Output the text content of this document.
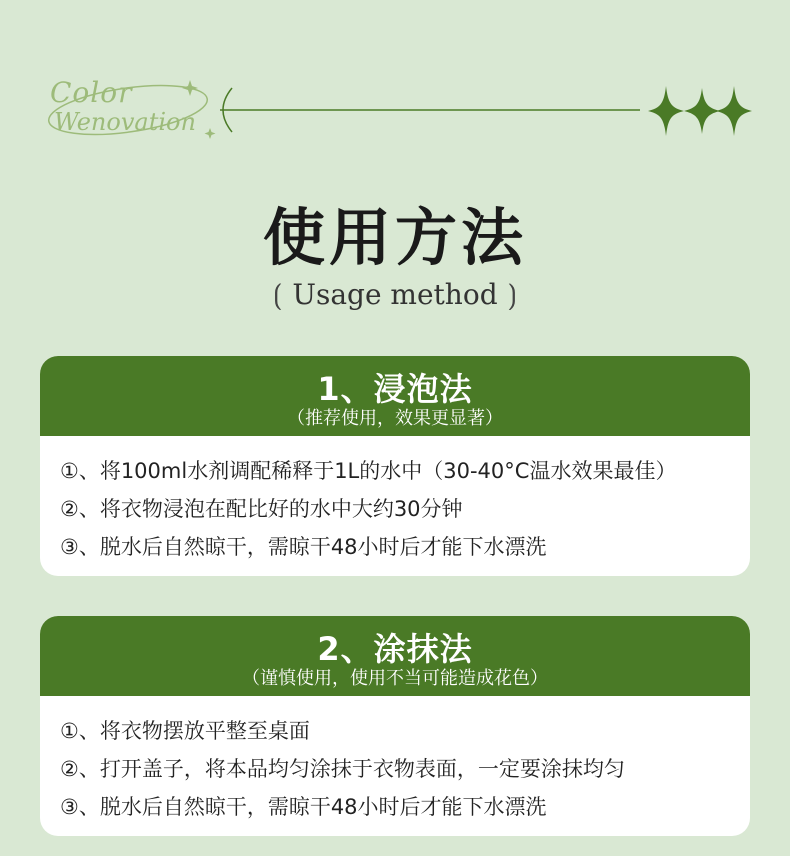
Color
Wenovation
使用方法
⟮ Usage method ⟯
1、浸泡法
（推荐使用，效果更显著）
①、将100ml水剂调配稀释于1L的水中（30-40°C温水效果最佳）
②、将衣物浸泡在配比好的水中大约30分钟
③、脱水后自然晾干，需晾干48小时后才能下水漂洗
2、涂抹法
（谨慎使用，使用不当可能造成花色）
①、将衣物摆放平整至桌面
②、打开盖子，将本品均匀涂抹于衣物表面，一定要涂抹均匀
③、脱水后自然晾干，需晾干48小时后才能下水漂洗
